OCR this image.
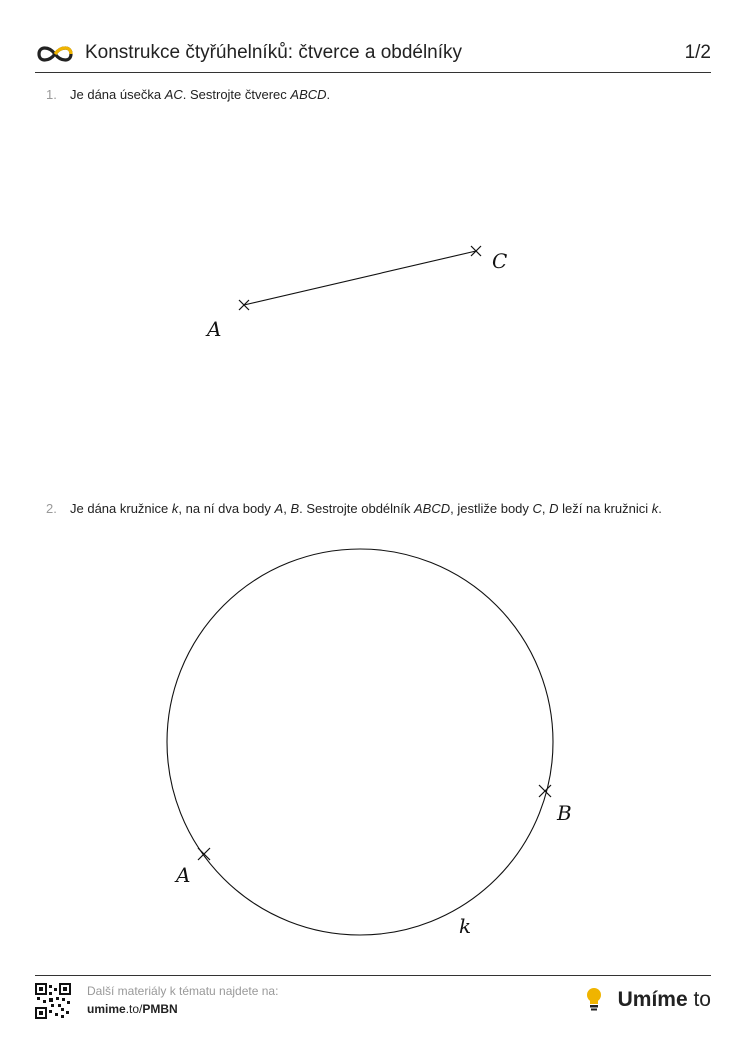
Konstrukce čtyřúhelníků: čtverce a obdélníky	1/2
1. Je dána úsečka AC. Sestrojte čtverec ABCD.
2. Je dána kružnice k, na ní dva body A, B. Sestrojte obdélník ABCD, jestliže body C, D leží na kružnici k.
A
C
A
B
k
Další materiály k tématu najdete na:
umime.to/PMBN	Umíme to
